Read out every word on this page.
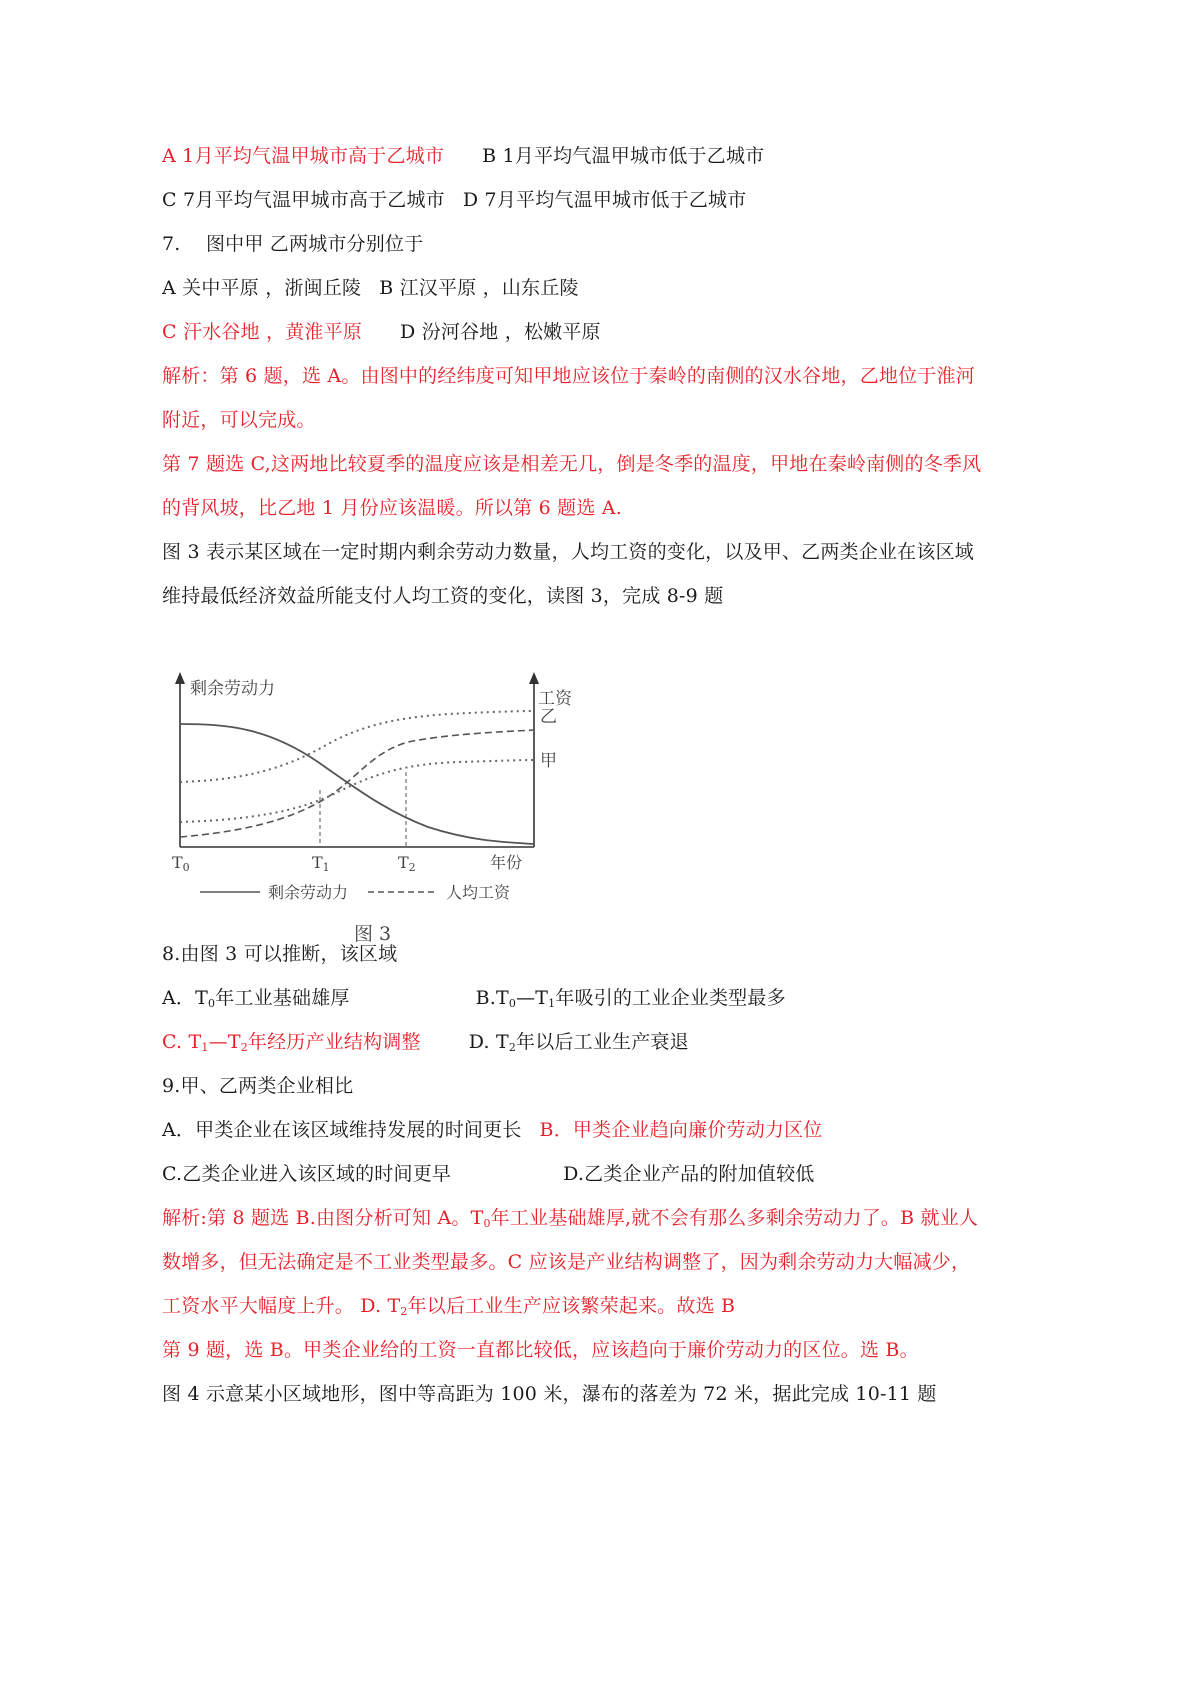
A 1月平均气温甲城市高于乙城市 B 1月平均气温甲城市低于乙城市
C 7月平均气温甲城市高于乙城市 D 7月平均气温甲城市低于乙城市
7.　 图中甲 乙两城市分别位于
A 关中平原 ，浙闽丘陵 B 江汉平原 ，山东丘陵
C 汗水谷地 ，黄淮平原 D 汾河谷地 ，松嫩平原
解析：第 6 题，选 A。由图中的经纬度可知甲地应该位于秦岭的南侧的汉水谷地，乙地位于淮河
附近，可以完成。
第 7 题选 C,这两地比较夏季的温度应该是相差无几，倒是冬季的温度，甲地在秦岭南侧的冬季风
的背风坡，比乙地 1 月份应该温暖。所以第 6 题选 A.
图 3 表示某区域在一定时期内剩余劳动力数量，人均工资的变化，以及甲、乙两类企业在该区域
维持最低经济效益所能支付人均工资的变化，读图 3，完成 8-9 题
剩余劳动力	工资
乙
甲
T0	T1	T2	年份
剩余劳动力	人均工资
图 3
8.由图 3 可以推断，该区域
A．$T_0$年工业基础雄厚	$B.T_0—T_1$年吸引的工业企业类型最多
C. $T_1—T_2$年经历产业结构调整	D. $T_2$年以后工业生产衰退
9.甲、乙两类企业相比
A．甲类企业在该区域维持发展的时间更长 B．甲类企业趋向廉价劳动力区位
C.乙类企业进入该区域的时间更早	D.乙类企业产品的附加值较低
解析:第 8 题选 B.由图分析可知 A。$T_0$年工业基础雄厚,就不会有那么多剩余劳动力了。B 就业人
数增多，但无法确定是不工业类型最多。C 应该是产业结构调整了，因为剩余劳动力大幅减少，
工资水平大幅度上升。 D. $T_2$年以后工业生产应该繁荣起来。故选 B
第 9 题，选 B。甲类企业给的工资一直都比较低，应该趋向于廉价劳动力的区位。选 B。
图 4 示意某小区域地形，图中等高距为 100 米，瀑布的落差为 72 米，据此完成 10-11 题
